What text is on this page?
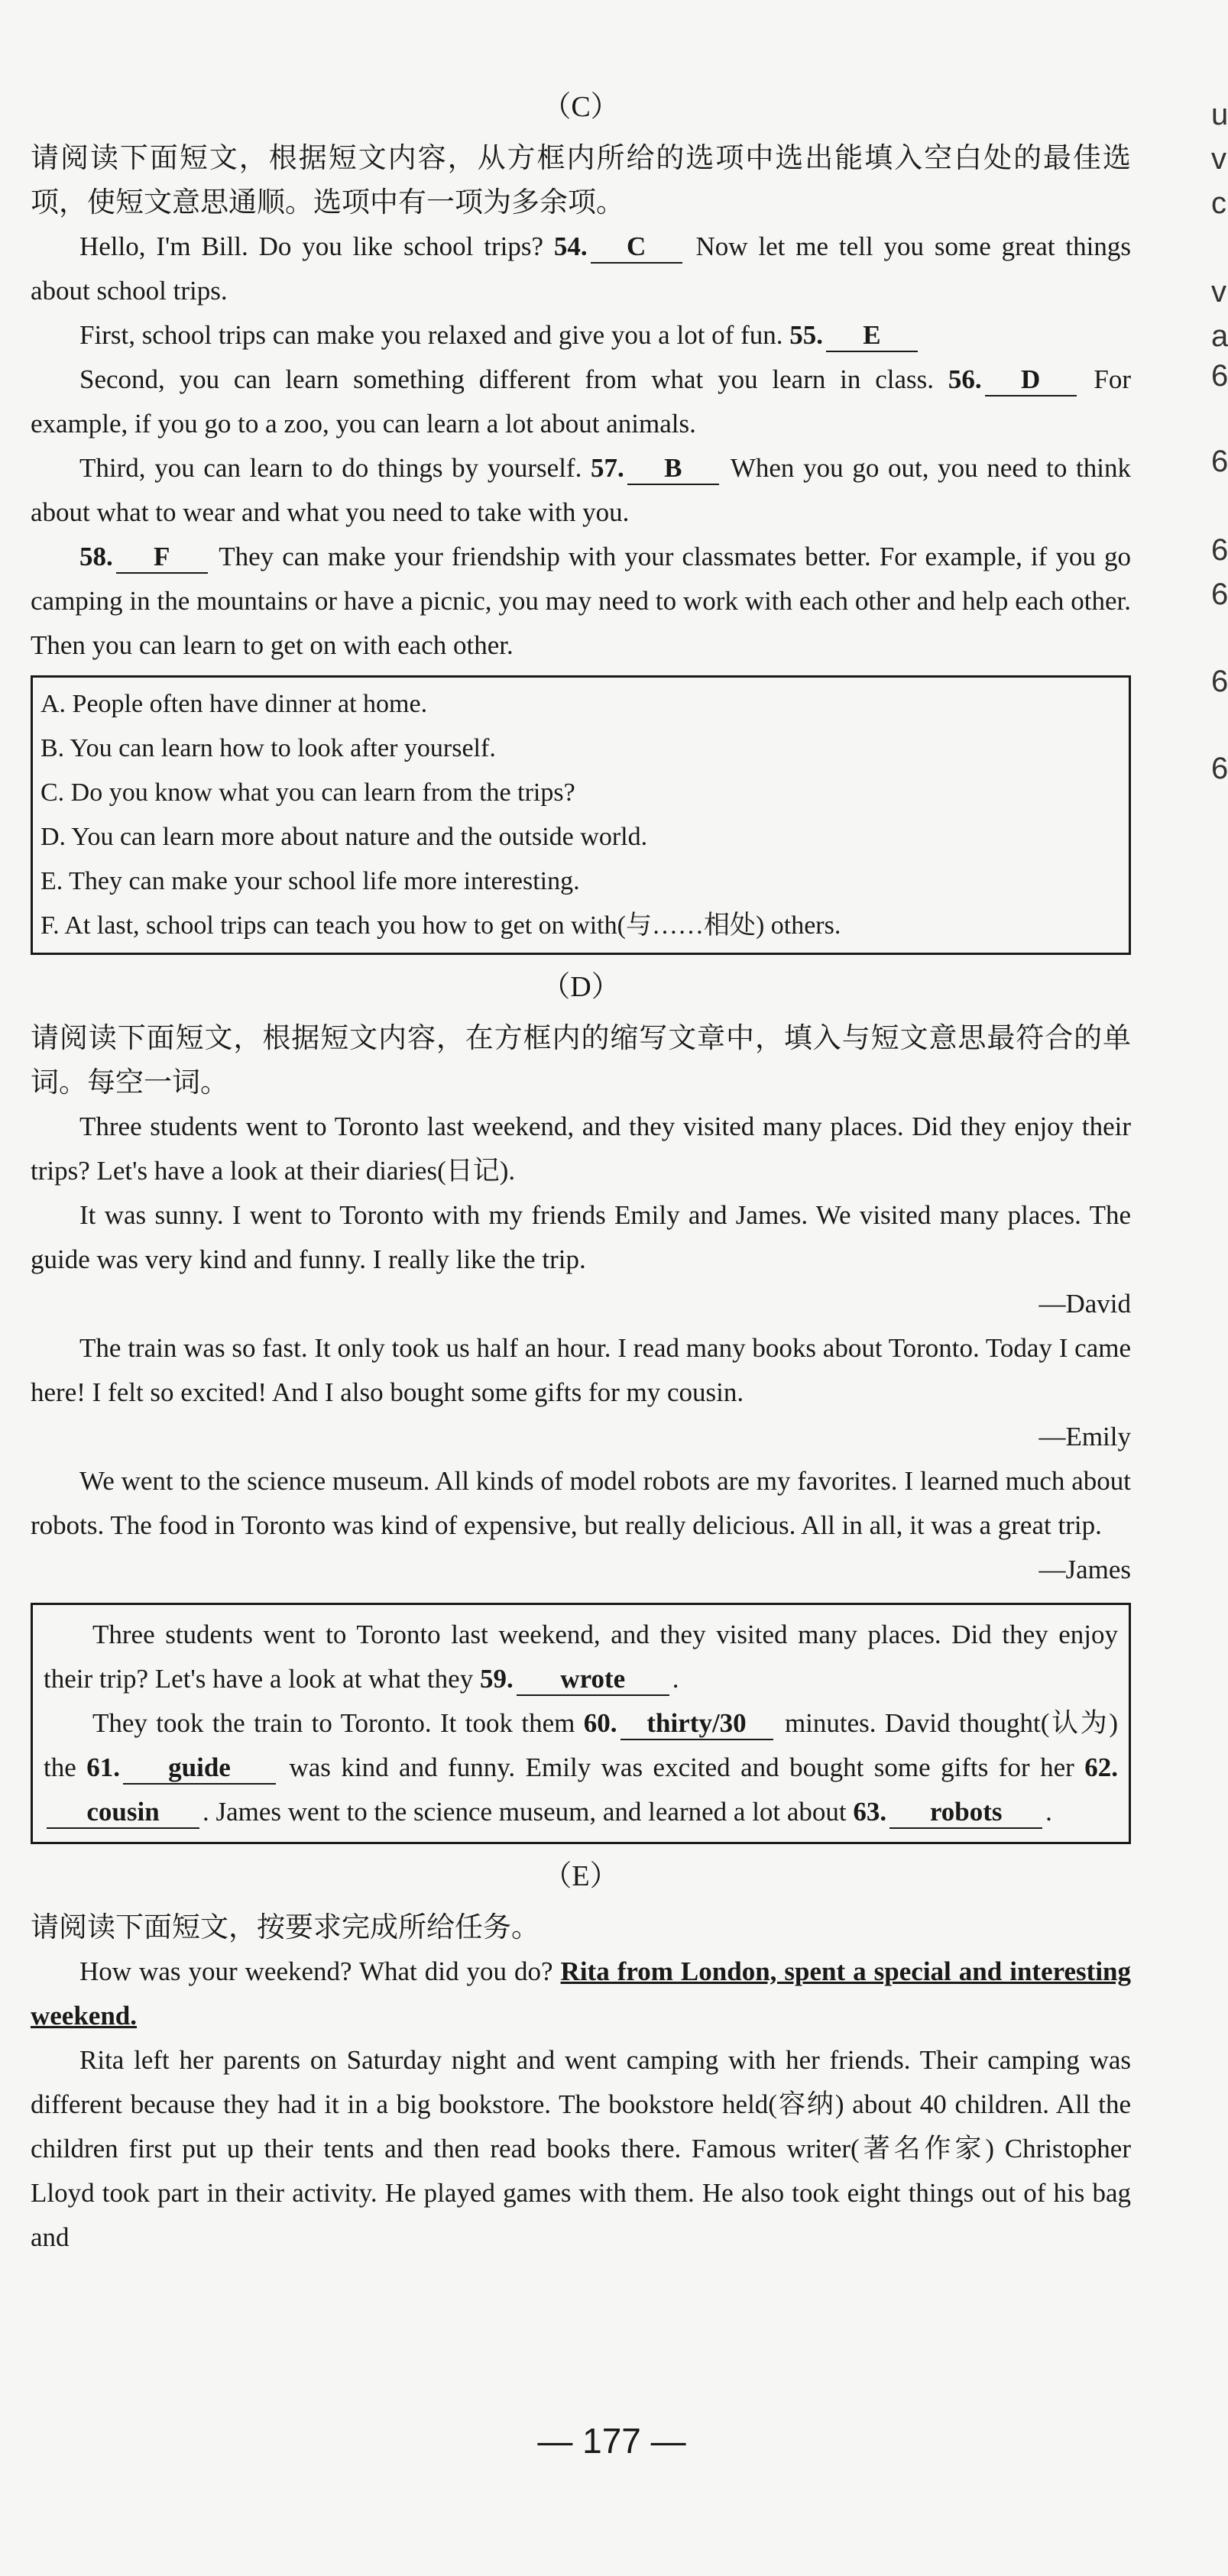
（C）

请阅读下面短文，根据短文内容，从方框内所给的选项中选出能填入空白处的最佳选项，使短文意思通顺。选项中有一项为多余项。

Hello, I'm Bill. Do you like school trips? 54. C Now let me tell you some great things about school trips.

First, school trips can make you relaxed and give you a lot of fun. 55. E

Second, you can learn something different from what you learn in class. 56. D For example, if you go to a zoo, you can learn a lot about animals.

Third, you can learn to do things by yourself. 57. B When you go out, you need to think about what to wear and what you need to take with you.

58. F They can make your friendship with your classmates better. For example, if you go camping in the mountains or have a picnic, you may need to work with each other and help each other. Then you can learn to get on with each other.

A. People often have dinner at home.

B. You can learn how to look after yourself.

C. Do you know what you can learn from the trips?

D. You can learn more about nature and the outside world.

E. They can make your school life more interesting.

F. At last, school trips can teach you how to get on with(与……相处) others.

（D）

请阅读下面短文，根据短文内容，在方框内的缩写文章中，填入与短文意思最符合的单词。每空一词。

Three students went to Toronto last weekend, and they visited many places. Did they enjoy their trips? Let's have a look at their diaries(日记).

It was sunny. I went to Toronto with my friends Emily and James. We visited many places. The guide was very kind and funny. I really like the trip.

—David

The train was so fast. It only took us half an hour. I read many books about Toronto. Today I came here! I felt so excited! And I also bought some gifts for my cousin.

—Emily

We went to the science museum. All kinds of model robots are my favorites. I learned much about robots. The food in Toronto was kind of expensive, but really delicious. All in all, it was a great trip.

—James

Three students went to Toronto last weekend, and they visited many places. Did they enjoy their trip? Let's have a look at what they 59. wrote .

They took the train to Toronto. It took them 60. thirty/30 minutes. David thought(认为) the 61. guide was kind and funny. Emily was excited and bought some gifts for her 62.cousin . James went to the science museum, and learned a lot about 63. robots .

（E）

请阅读下面短文，按要求完成所给任务。

How was your weekend? What did you do? Rita from London, spent a special and interesting weekend.

Rita left her parents on Saturday night and went camping with her friends. Their camping was different because they had it in a big bookstore. The bookstore held(容纳) about 40 children. All the children first put up their tents and then read books there. Famous writer(著名作家) Christopher Lloyd took part in their activity. He played games with them. He also took eight things out of his bag and

u
v
c
v
a
6
6
6
6
6
6
— 177 —
